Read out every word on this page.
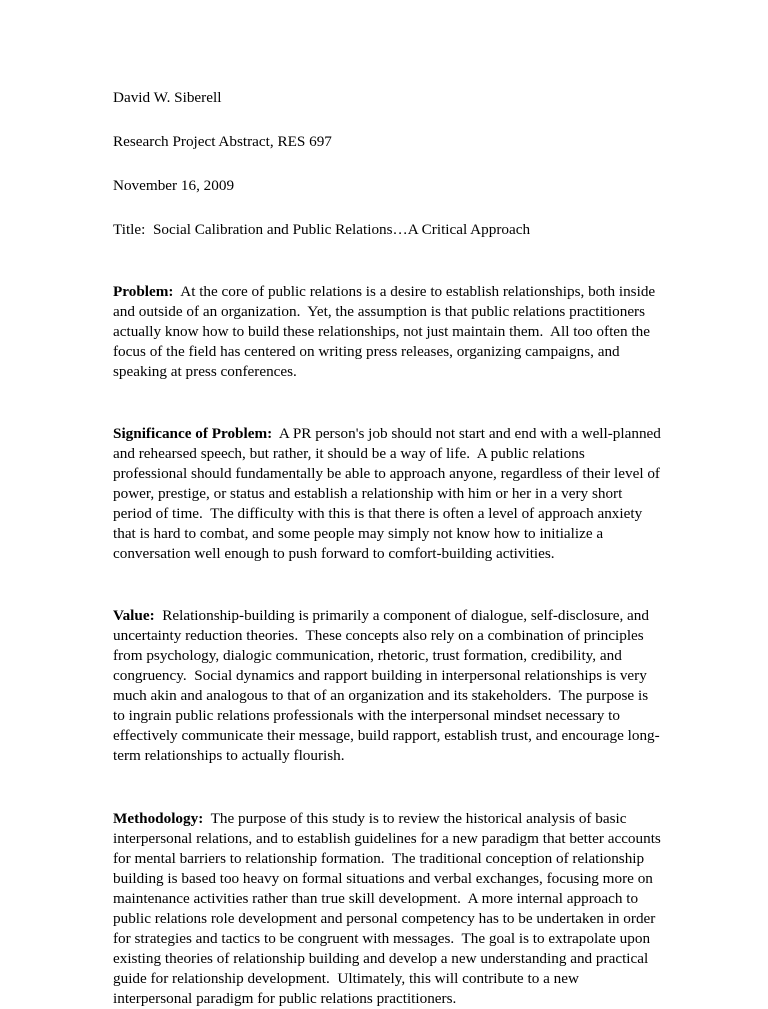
David W. Siberell
Research Project Abstract, RES 697
November 16, 2009
Title:  Social Calibration and Public Relations…A Critical Approach

Problem:  At the core of public relations is a desire to establish relationships, both inside and outside of an organization.  Yet, the assumption is that public relations practitioners actually know how to build these relationships, not just maintain them.  All too often the focus of the field has centered on writing press releases, organizing campaigns, and speaking at press conferences.

Significance of Problem:  A PR person's job should not start and end with a well-planned and rehearsed speech, but rather, it should be a way of life.  A public relations professional should fundamentally be able to approach anyone, regardless of their level of power, prestige, or status and establish a relationship with him or her in a very short period of time.  The difficulty with this is that there is often a level of approach anxiety that is hard to combat, and some people may simply not know how to initialize a conversation well enough to push forward to comfort-building activities.

Value:  Relationship-building is primarily a component of dialogue, self-disclosure, and uncertainty reduction theories.  These concepts also rely on a combination of principles from psychology, dialogic communication, rhetoric, trust formation, credibility, and congruency.  Social dynamics and rapport building in interpersonal relationships is very much akin and analogous to that of an organization and its stakeholders.  The purpose is to ingrain public relations professionals with the interpersonal mindset necessary to effectively communicate their message, build rapport, establish trust, and encourage long-term relationships to actually flourish.

Methodology:  The purpose of this study is to review the historical analysis of basic interpersonal relations, and to establish guidelines for a new paradigm that better accounts for mental barriers to relationship formation.  The traditional conception of relationship building is based too heavy on formal situations and verbal exchanges, focusing more on maintenance activities rather than true skill development.  A more internal approach to public relations role development and personal competency has to be undertaken in order for strategies and tactics to be congruent with messages.  The goal is to extrapolate upon existing theories of relationship building and develop a new understanding and practical guide for relationship development.  Ultimately, this will contribute to a new interpersonal paradigm for public relations practitioners.
